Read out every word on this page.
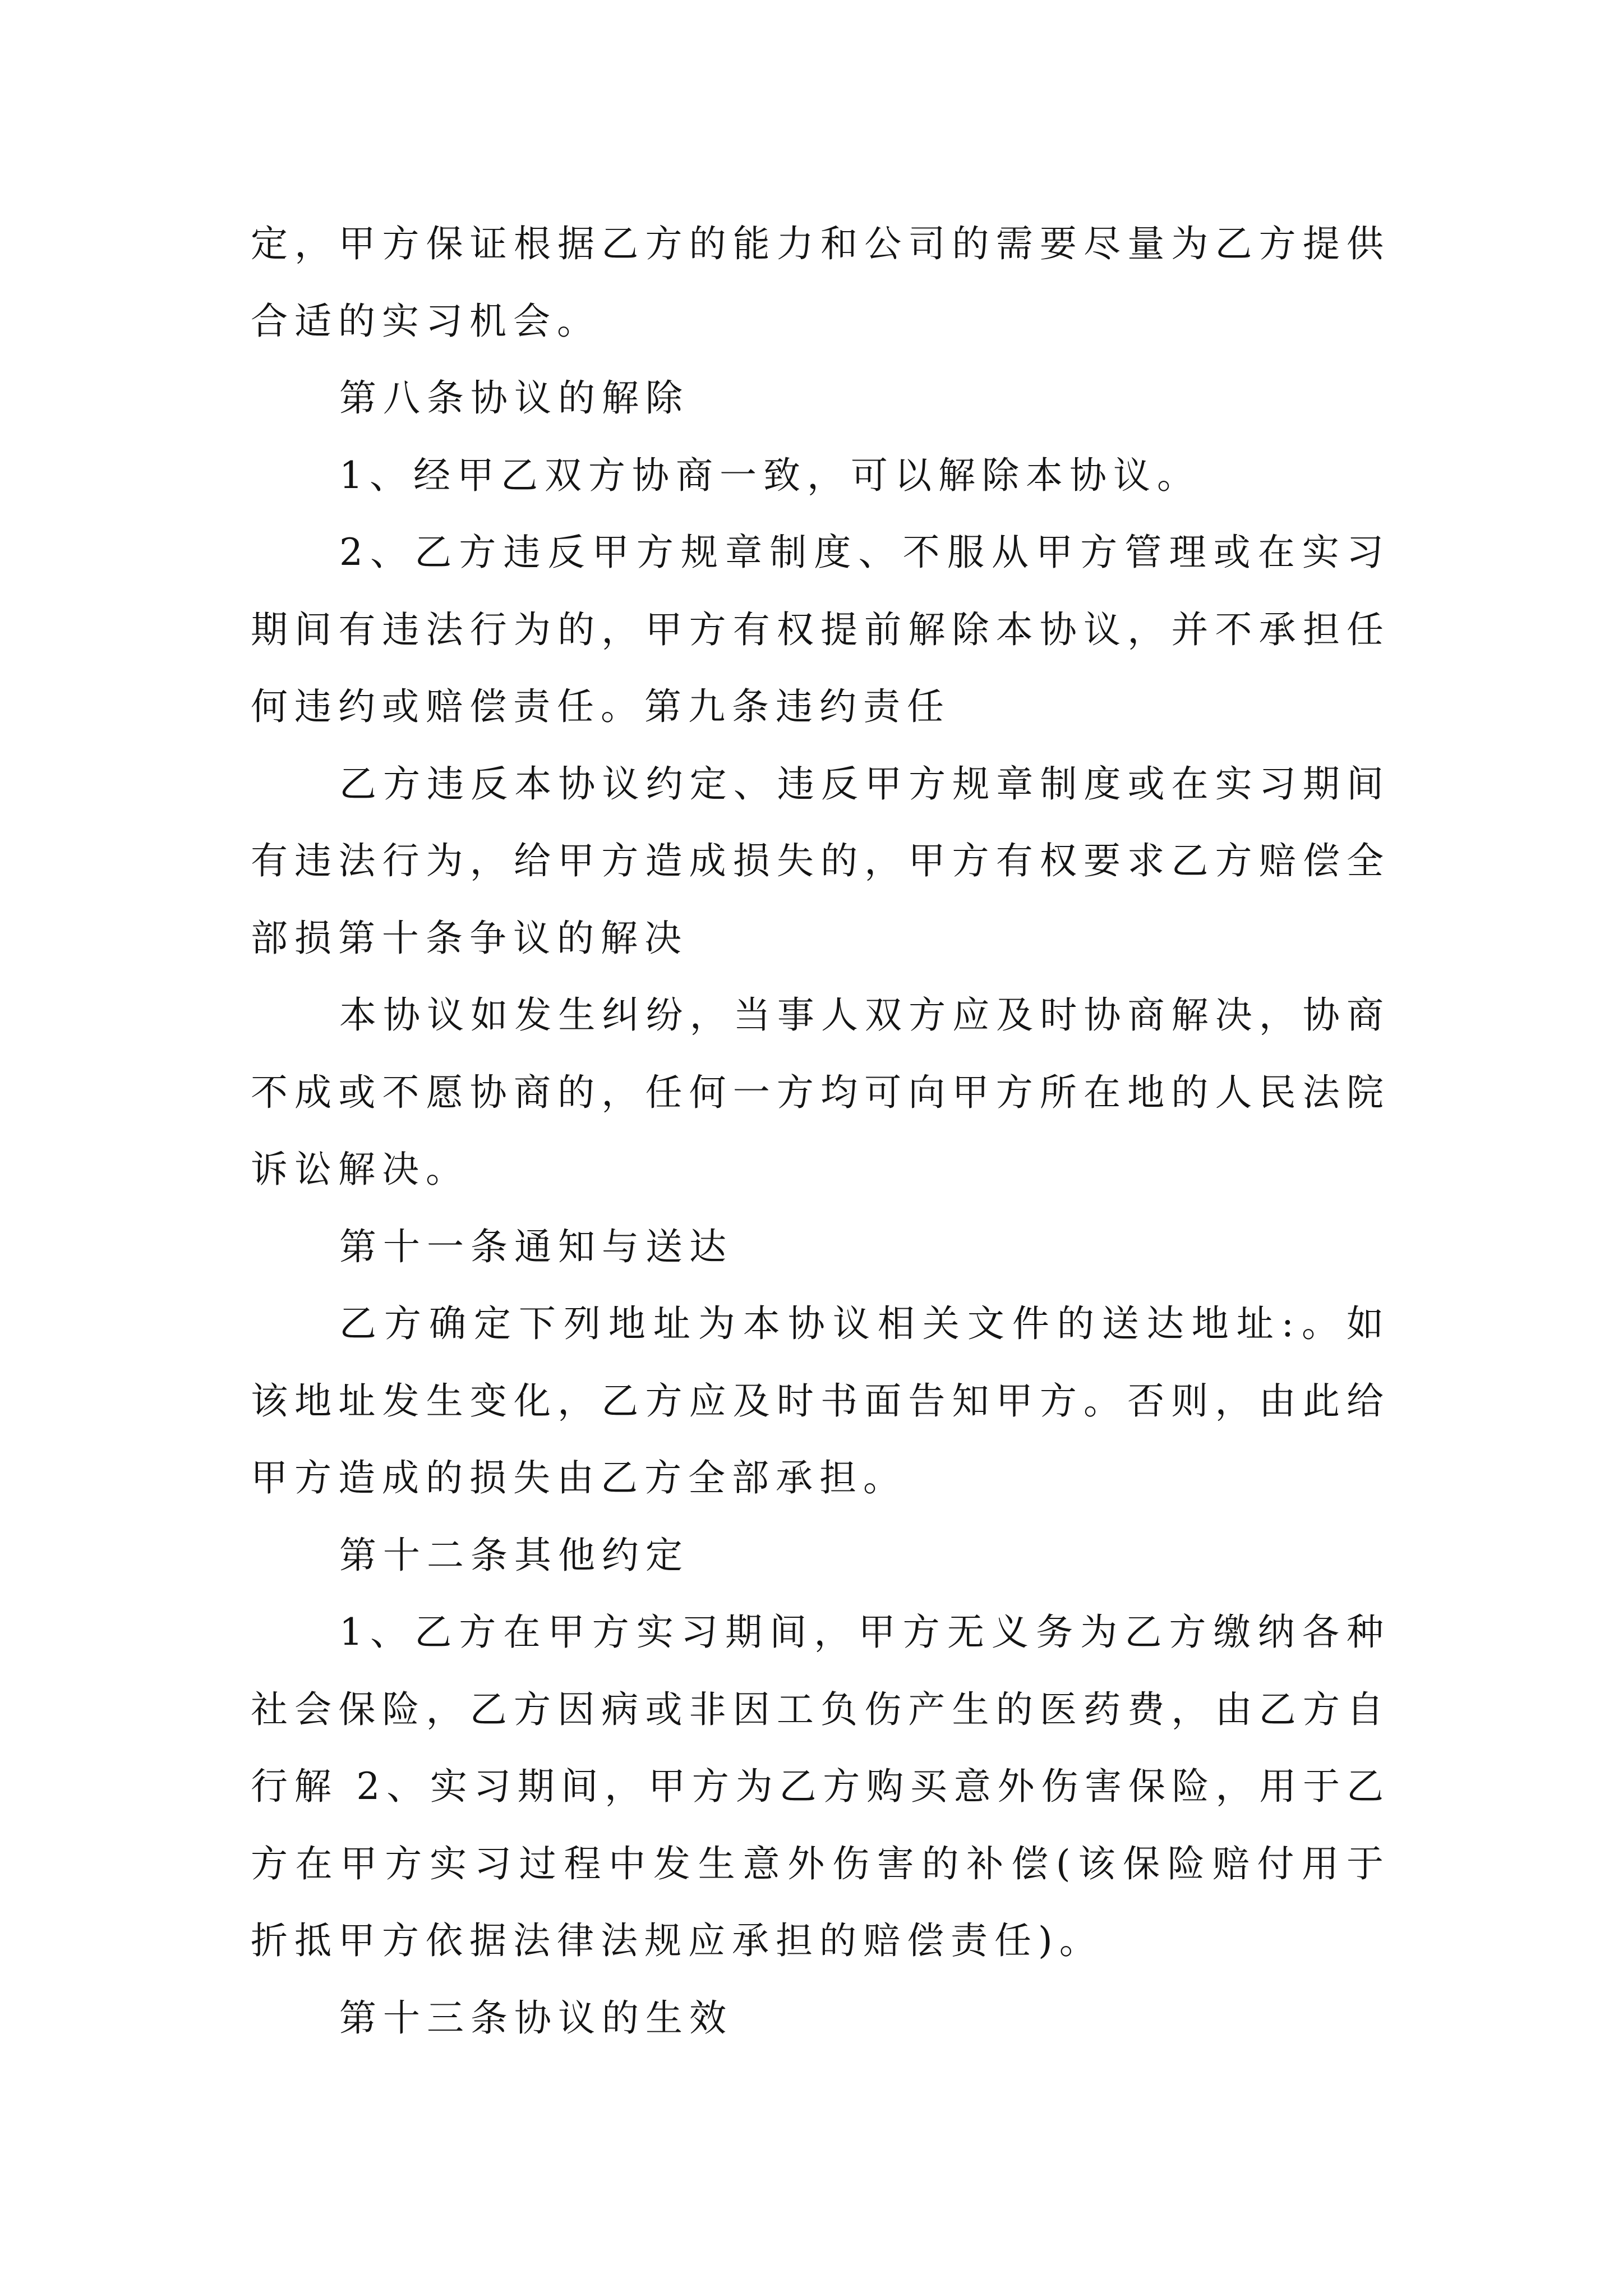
定，甲方保证根据乙方的能力和公司的需要尽量为乙方提供
合适的实习机会。
第八条协议的解除
1、经甲乙双方协商一致，可以解除本协议。
2、乙方违反甲方规章制度、不服从甲方管理或在实习
期间有违法行为的，甲方有权提前解除本协议，并不承担任
何违约或赔偿责任。第九条违约责任
乙方违反本协议约定、违反甲方规章制度或在实习期间
有违法行为，给甲方造成损失的，甲方有权要求乙方赔偿全
部损第十条争议的解决
本协议如发生纠纷，当事人双方应及时协商解决，协商
不成或不愿协商的，任何一方均可向甲方所在地的人民法院
诉讼解决。
第十一条通知与送达
乙方确定下列地址为本协议相关文件的送达地址:。如
该地址发生变化，乙方应及时书面告知甲方。否则，由此给
甲方造成的损失由乙方全部承担。
第十二条其他约定
1、乙方在甲方实习期间，甲方无义务为乙方缴纳各种
社会保险，乙方因病或非因工负伤产生的医药费，由乙方自
行解 2、实习期间，甲方为乙方购买意外伤害保险，用于乙
方在甲方实习过程中发生意外伤害的补偿(该保险赔付用于
折抵甲方依据法律法规应承担的赔偿责任)。
第十三条协议的生效
